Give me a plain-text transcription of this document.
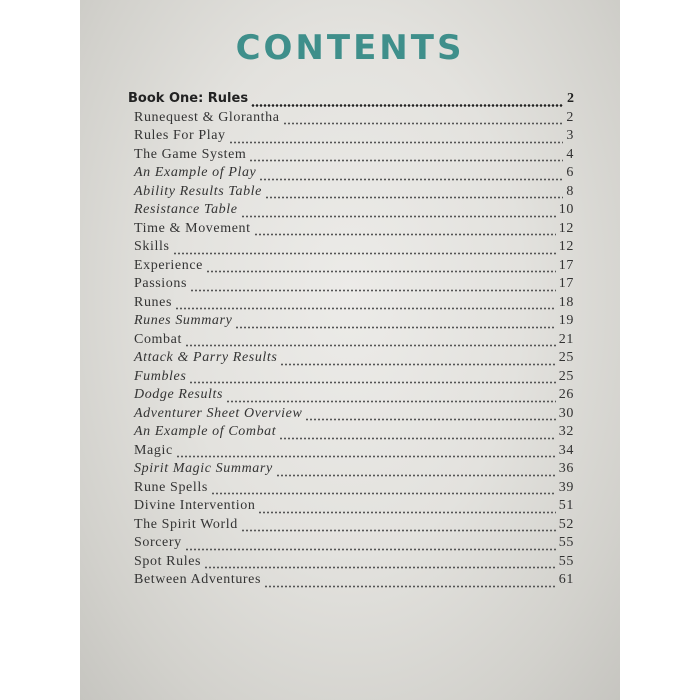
CONTENTS
Book One: Rules	2
Runequest & Glorantha	2
Rules For Play	3
The Game System	4
An Example of Play	6
Ability Results Table	8
Resistance Table	10
Time & Movement	12
Skills	12
Experience	17
Passions	17
Runes	18
Runes Summary	19
Combat	21
Attack & Parry Results	25
Fumbles	25
Dodge Results	26
Adventurer Sheet Overview	30
An Example of Combat	32
Magic	34
Spirit Magic Summary	36
Rune Spells	39
Divine Intervention	51
The Spirit World	52
Sorcery	55
Spot Rules	55
Between Adventures	61
